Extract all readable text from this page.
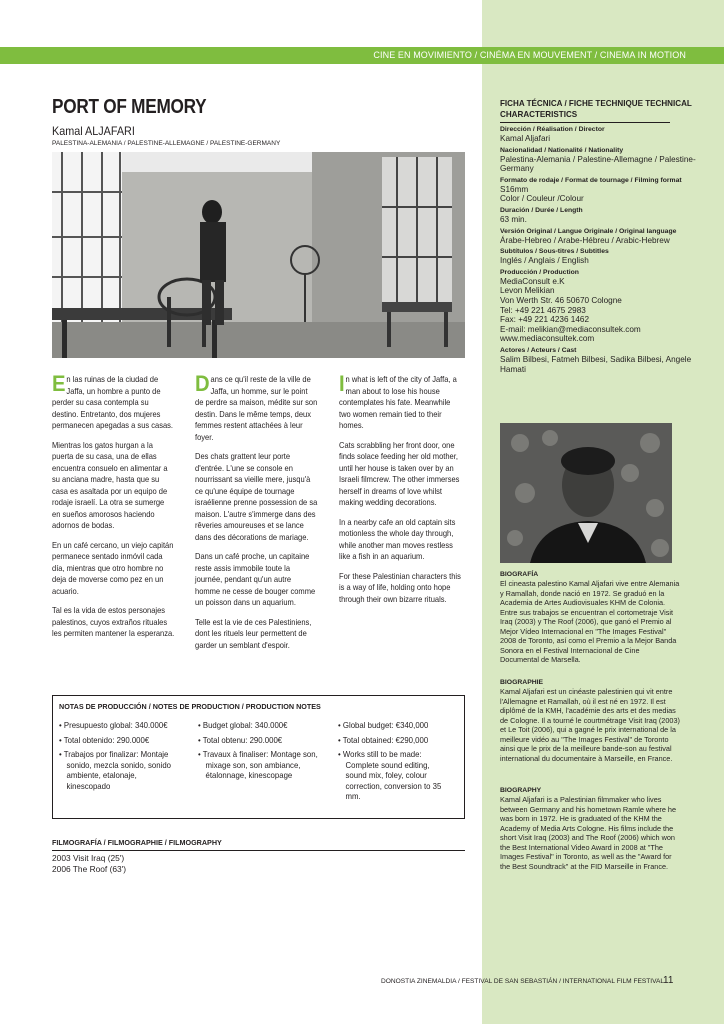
CINE EN MOVIMIENTO / CINÉMA EN MOUVEMENT / CINEMA IN MOTION
PORT OF MEMORY
Kamal ALJAFARI
PALESTINA-ALEMANIA / PALESTINE-ALLEMAGNE / PALESTINE-GERMANY

En las ruinas de la ciudad de Jaffa, un hombre a punto de perder su casa contempla su destino. Entretanto, dos mujeres permanecen apegadas a sus casas.

Mientras los gatos hurgan a la puerta de su casa, una de ellas encuentra consuelo en alimentar a su anciana madre, hasta que su casa es asaltada por un equipo de rodaje israelí. La otra se sumerge en sueños amorosos haciendo adornos de bodas.

En un café cercano, un viejo capitán permanece sentado inmóvil cada día, mientras que otro hombre no deja de moverse como pez en un acuario.

Tal es la vida de estos personajes palestinos, cuyos extraños rituales les permiten mantener la esperanza.

Dans ce qu'il reste de la ville de Jaffa, un homme, sur le point de perdre sa maison, médite sur son destin. Dans le même temps, deux femmes restent attachées à leur foyer.

Des chats grattent leur porte d'entrée. L'une se console en nourrissant sa vieille mere, jusqu'à ce qu'une équipe de tournage israélienne prenne possession de sa maison. L'autre s'immerge dans des rêveries amoureuses et se lance dans des décorations de mariage.

Dans un café proche, un capitaine reste assis immobile toute la journée, pendant qu'un autre homme ne cesse de bouger comme un poisson dans un aquarium.

Telle est la vie de ces Palestiniens, dont les rituels leur permettent de garder un semblant d'espoir.

In what is left of the city of Jaffa, a man about to lose his house contemplates his fate. Meanwhile two women remain tied to their homes.

Cats scrabbling her front door, one finds solace feeding her old mother, until her house is taken over by an Israeli filmcrew. The other immerses herself in dreams of love whilst making wedding decorations.

In a nearby cafe an old captain sits motionless the whole day through, while another man moves restless like a fish in an aquarium.

For these Palestinian characters this is a way of life, holding onto hope through their own bizarre rituals.

NOTAS DE PRODUCCIÓN / NOTES DE PRODUCTION / PRODUCTION NOTES
• Presupuesto global: 340.000€
• Total obtenido: 290.000€
• Trabajos por finalizar: Montaje sonido, mezcla sonido, sonido ambiente, etalonaje, kinescopado
• Budget global: 340.000€
• Total obtenu: 290.000€
• Travaux à finaliser: Montage son, mixage son, son ambiance, étalonnage, kinescopage
• Global budget: €340,000
• Total obtained: €290,000
• Works still to be made: Complete sound editing, sound mix, foley, colour correction, conversion to 35 mm.
FILMOGRAFÍA / FILMOGRAPHIE / FILMOGRAPHY
2003 Visit Iraq (25')
2006 The Roof (63')
FICHA TÉCNICA / FICHE TECHNIQUE TECHNICAL CHARACTERISTICS
Dirección / Réalisation / Director
Kamal Aljafari
Nacionalidad / Nationalité / Nationality
Palestina-Alemania / Palestine-Allemagne / Palestine-Germany
Formato de rodaje / Format de tournage / Filming format
S16mm
Color / Couleur /Colour
Duración / Durée / Length
63 min.
Versión Original / Langue Originale / Original language
Árabe-Hebreo / Arabe-Hébreu / Arabic-Hebrew
Subtítulos / Sous-titres / Subtitles
Inglés / Anglais / English
Producción / Production
MediaConsult e.K
Levon Melikian
Von Werth Str. 46 50670 Cologne
Tel: +49 221 4675 2983
Fax: +49 221 4236 1462
E-mail: melikian@mediaconsultek.com
www.mediaconsultek.com
Actores / Acteurs / Cast
Salim Bilbesi, Fatmeh Bilbesi, Sadika Bilbesi, Angele Hamati
BIOGRAFÍA
El cineasta palestino Kamal Aljafari vive entre Alemania y Ramallah, donde nació en 1972. Se graduó en la Academia de Artes Audiovisuales KHM de Colonia. Entre sus trabajos se encuentran el cortometraje Visit Iraq (2003) y The Roof (2006), que ganó el Premio al Mejor Vídeo Internacional en "The Images Festival" 2008 de Toronto, así como el Premio a la Mejor Banda Sonora en el Festival Internacional de Cine Documental de Marsella.
BIOGRAPHIE
Kamal Aljafari est un cinéaste palestinien qui vit entre l'Allemagne et Ramallah, où il est né en 1972. Il est diplômé de la KMH, l'académie des arts et des medias de Cologne. Il a tourné le courtmétrage Visit Iraq (2003) et Le Toit (2006), qui a gagné le prix international de la meilleure vidéo au "The Images Festival" de Toronto ainsi que le prix de la meilleure bande-son au festival international du documentaire à Marseille, en France.
BIOGRAPHY
Kamal Aljafari is a Palestinian filmmaker who lives between Germany and his hometown Ramle where he was born in 1972. He is graduated of the KHM the Academy of Media Arts Cologne. His films include the short Visit Iraq (2003) and The Roof (2006) which won the Best International Video Award in 2008 at "The Images Festival" in Toronto, as well as the "Award for the Best Soundtrack" at the FID Marseille in France.
DONOSTIA ZINEMALDIA / FESTIVAL DE SAN SEBASTIÁN / INTERNATIONAL FILM FESTIVAL
11
